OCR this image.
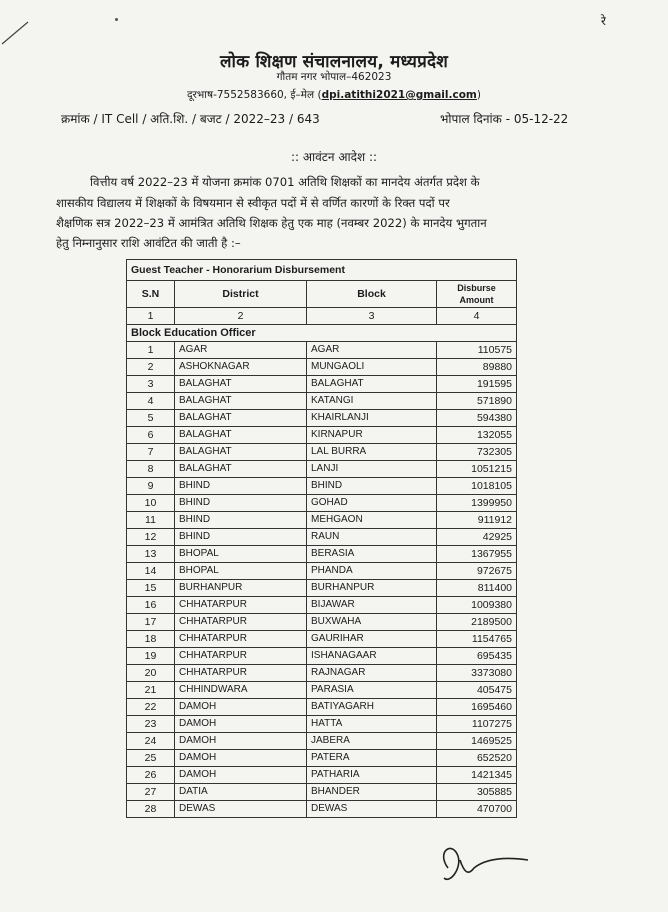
रे
लोक शिक्षण संचालनालय, मध्यप्रदेश
गौतम नगर भोपाल–462023
दूरभाष-7552583660, ई–मेल (dpi.atithi2021@gmail.com)
क्रमांक / IT Cell / अति.शि. / बजट / 2022–23 / 643	भोपाल दिनांक - 05-12-22
:: आवंटन आदेश ::
वित्तीय वर्ष 2022–23 में योजना क्रमांक 0701 अतिथि शिक्षकों का मानदेय अंतर्गत प्रदेश के
शासकीय विद्यालय में शिक्षकों के विषयमान से स्वीकृत पदों में से वर्णित कारणों के रिक्त पदों पर
शैक्षणिक सत्र 2022–23 में आमंत्रित अतिथि शिक्षक हेतु एक माह (नवम्बर 2022) के मानदेय भुगतान
हेतु निम्नानुसार राशि आवंटित की जाती है :–
Guest Teacher - Honorarium Disbursement			
S.N	District	Block	Disburse Amount
1	2	3	4
Block Education Officer			
1	AGAR	AGAR	110575
2	ASHOKNAGAR	MUNGAOLI	89880
3	BALAGHAT	BALAGHAT	191595
4	BALAGHAT	KATANGI	571890
5	BALAGHAT	KHAIRLANJI	594380
6	BALAGHAT	KIRNAPUR	132055
7	BALAGHAT	LAL BURRA	732305
8	BALAGHAT	LANJI	1051215
9	BHIND	BHIND	1018105
10	BHIND	GOHAD	1399950
11	BHIND	MEHGAON	911912
12	BHIND	RAUN	42925
13	BHOPAL	BERASIA	1367955
14	BHOPAL	PHANDA	972675
15	BURHANPUR	BURHANPUR	811400
16	CHHATARPUR	BIJAWAR	1009380
17	CHHATARPUR	BUXWAHA	2189500
18	CHHATARPUR	GAURIHAR	1154765
19	CHHATARPUR	ISHANAGAAR	695435
20	CHHATARPUR	RAJNAGAR	3373080
21	CHHINDWARA	PARASIA	405475
22	DAMOH	BATIYAGARH	1695460
23	DAMOH	HATTA	1107275
24	DAMOH	JABERA	1469525
25	DAMOH	PATERA	652520
26	DAMOH	PATHARIA	1421345
27	DATIA	BHANDER	305885
28	DEWAS	DEWAS	470700
